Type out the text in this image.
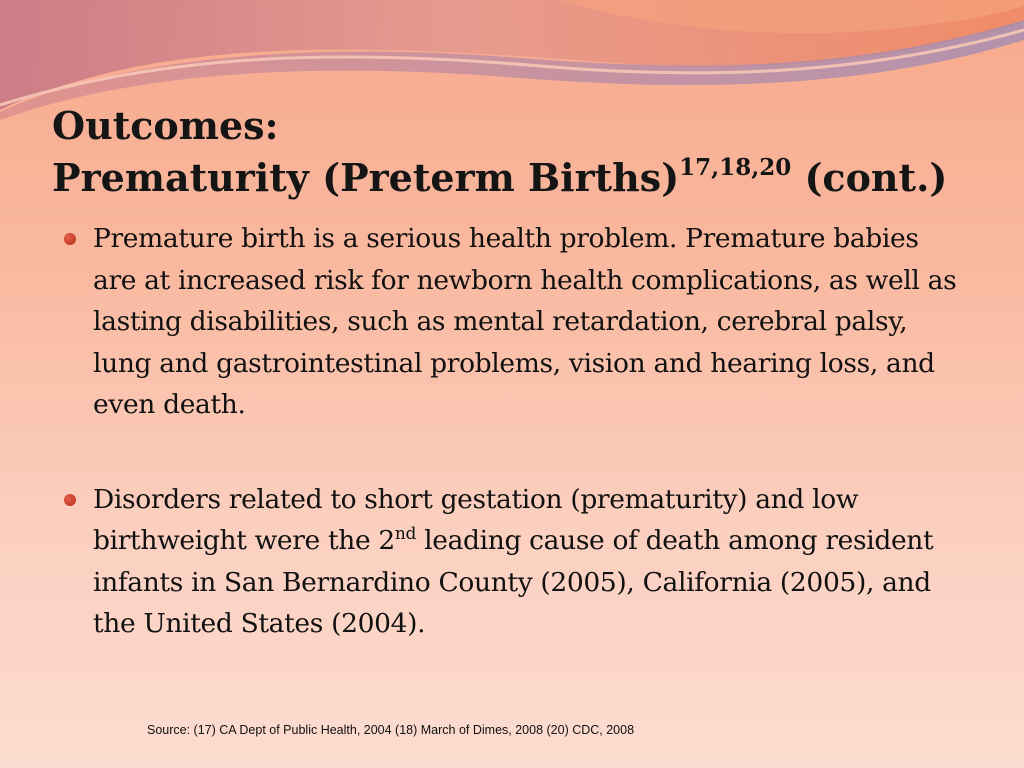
Outcomes:
Prematurity (Preterm Births)$^{17,18,20}$ (cont.)
Premature birth is a serious health problem. Premature babies are at increased risk for newborn health complications, as well as lasting disabilities, such as mental retardation, cerebral palsy, lung and gastrointestinal problems, vision and hearing loss, and even death.
Disorders related to short gestation (prematurity) and low birthweight were the 2nd leading cause of death among resident infants in San Bernardino County (2005), California (2005), and the United States (2004).
Source: (17) CA Dept of Public Health, 2004 (18) March of Dimes, 2008 (20) CDC, 2008
